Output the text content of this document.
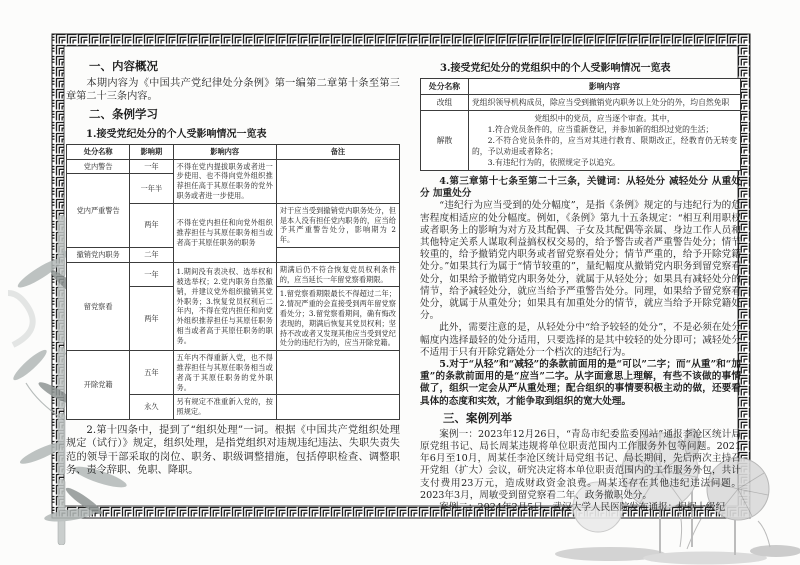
一、内容概况

本期内容为《中国共产党纪律处分条例》第一编第二章第十条至第三章第二十三条内容。

二、条例学习

1.接受党纪处分的个人受影响情况一览表

处分名称	影响期	影响内容	备注
党内警告	一年	不得在党内提拔职务或者进一步使用、也不得向党外组织推荐担任高于其原任职务的党外职务或者进一步使用。	
党内严重警告	一年半		
	两年	不得在党内担任和向党外组织推荐担任与其原任职务相当或者高于其原任职务的职务	对于应当受到撤销党内职务处分，但是本人没有担任党内职务的，应当给予其严重警告处分，影响期为 2 年。
撤销党内职务	二年		
留党察看	一年	1.期间没有表决权、选举权和被选举权；2.党内职务自然撤销，并建议党外组织撤销其党外职务；3.恢复党员权利后二年内，不得在党内担任和向党外组织推荐担任与其原任职务相当或者高于其原任职务的职务。	期满后仍不符合恢复党员权利条件的，应当延长一年留党察看期限。
	两年		1.留党察看期限最长不得超过二年；2.情况严重的会直接受到两年留党察看处分；3.留党察看期间，确有悔改表现的，期满后恢复其党员权利；坚持不改或者又发现其他应当受到党纪处分的违纪行为的，应当开除党籍。
开除党籍	五年	五年内不得重新入党，也不得推荐担任与其原任职务相当或者高于其原任职务的党外职务。	
	永久	另有规定不准重新入党的，按照规定。	

2.第十四条中，提到了“组织处理”一词。根据《中国共产党组织处理规定（试行）》规定，组织处理，是指党组织对违规违纪违法、失职失责失范的领导干部采取的岗位、职务、职级调整措施，包括停职检查、调整职务、责令辞职、免职、降职。

3.接受党纪处分的党组织中的个人受影响情况一览表

处分名称	影响内容
改组	党组织领导机构成员，除应当受到撤销党内职务以上处分的外，均自然免职
解散	党组织中的党员，应当逐个审查。其中，
1.符合党员条件的，应当重新登记，并参加新的组织过党的生活；
2.不符合党员条件的，应当对其进行教育、限期改正，经教育仍无转变的，予以劝退或者除名；
3.有违纪行为的，依照规定予以追究。

4.第三章第十七条至第二十三条，关键词：从轻处分 减轻处分 从重处分 加重处分

“违纪行为应当受到的处分幅度”，是指《条例》规定的与违纪行为的危害程度相适应的处分幅度。例如，《条例》第九十五条规定：“相互利用职权或者职务上的影响为对方及其配偶、子女及其配偶等亲属、身边工作人员和其他特定关系人谋取利益搞权权交易的，给予警告或者严重警告处分；情节较重的，给予撤销党内职务或者留党察看处分；情节严重的，给予开除党籍处分。”如果其行为属于“情节较重的”，量纪幅度从撤销党内职务到留党察看处分，如果给予撤销党内职务处分，就属于从轻处分；如果具有减轻处分的情节，给予减轻处分，就应当给予严重警告处分。同理，如果给予留党察看处分，就属于从重处分；如果具有加重处分的情节，就应当给予开除党籍处分。

此外，需要注意的是，从轻处分中“给予较轻的处分”，不是必须在处分幅度内选择最轻的处分适用，只要选择的是其中较轻的处分即可；减轻处分不适用于只有开除党籍处分一个档次的违纪行为。

5.对于“从轻”和“减轻”的条款前面用的是“可以”二字；而“从重”和“加重”的条款前面用的是“应当”二字。从字面意思上理解，有些不该做的事情做了，组织一定会从严从重处理；配合组织的事情要积极主动的做，还要看具体的态度和实效，才能争取到组织的宽大处理。

三、案例列举

案例一：2023年12月26日，“青岛市纪委监委网站”通报李沧区统计局原党组书记、局长周某违规将单位职责范围内工作服务外包等问题。2021年6月至10月，周某任李沧区统计局党组书记、局长期间，先后两次主持召开党组（扩大）会议，研究决定将本单位职责范围内的工作服务外包，共计支付费用23万元，造成财政资金浪费。周某还存在其他违纪违法问题。2023年3月，周敏受到留党察看二年、政务撤职处分。

案例二：2024年2月5日，武汉大学人民医院发布通报：根据上级纪
